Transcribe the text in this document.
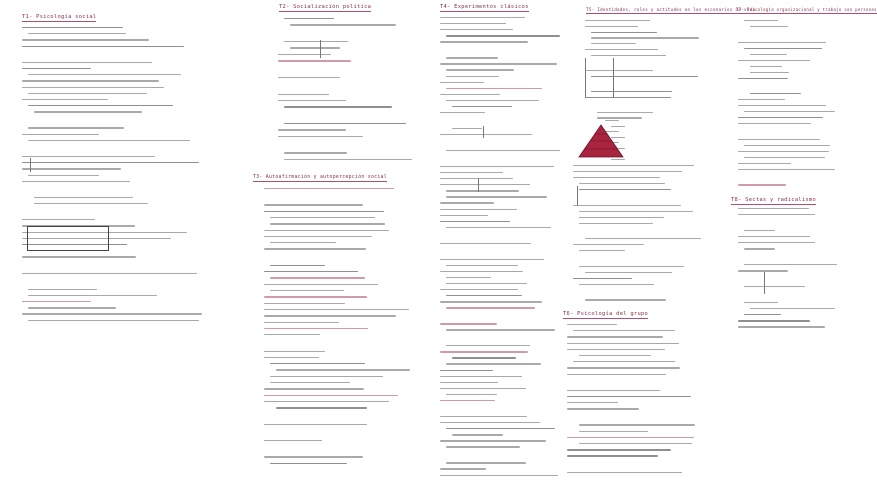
T1- Psicología social
T2- Socialización política
T3- Autoafirmación y autopercepción social
T4- Experimentos clásicos	T5- Identidades, roles y actitudes en los escenarios de vida
T6- Psicología del grupo
T7- Psicología organizacional y trabajo con personas
T8- Sectas y radicalismo
